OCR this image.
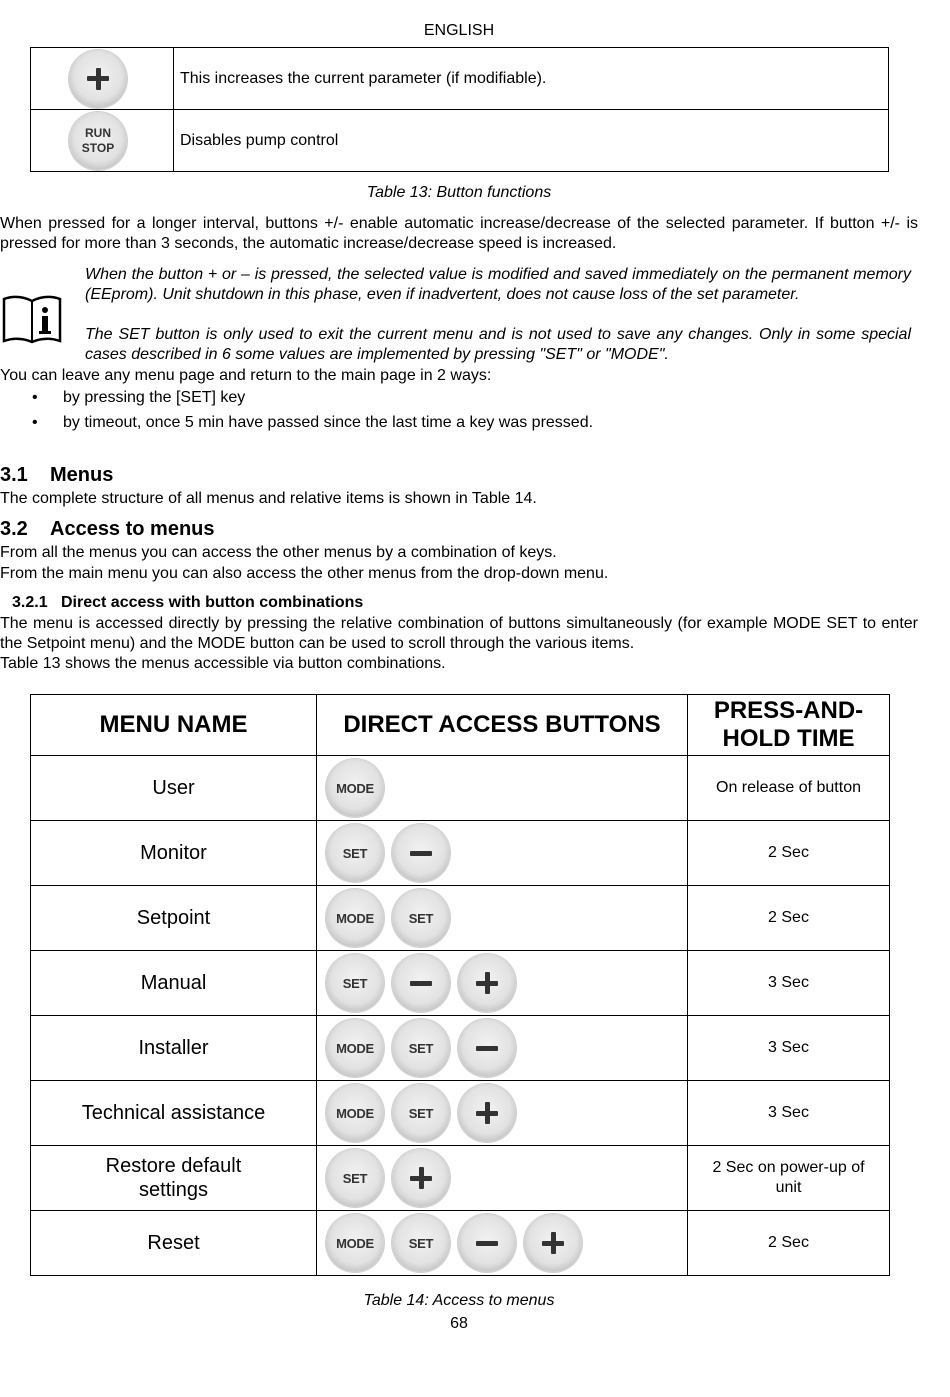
ENGLISH
	This increases the current parameter (if modifiable).

RUN
STOP	Disables pump control
Table 13: Button functions
When pressed for a longer interval, buttons +/- enable automatic increase/decrease of the selected parameter. If button +/- is pressed for more than 3 seconds, the automatic increase/decrease speed is increased.
When the button + or – is pressed, the selected value is modified and saved immediately on the permanent memory (EEprom). Unit shutdown in this phase, even if inadvertent, does not cause loss of the set parameter.
The SET button is only used to exit the current menu and is not used to save any changes. Only in some special cases described in 6 some values are implemented by pressing "SET" or "MODE".
You can leave any menu page and return to the main page in 2 ways:
• by pressing the [SET] key
• by timeout, once 5 min have passed since the last time a key was pressed.
3.1 Menus
The complete structure of all menus and relative items is shown in Table 14.
3.2 Access to menus
From all the menus you can access the other menus by a combination of keys.
From the main menu you can also access the other menus from the drop-down menu.
3.2.1 Direct access with button combinations
The menu is accessed directly by pressing the relative combination of buttons simultaneously (for example MODE SET to enter the Setpoint menu) and the MODE button can be used to scroll through the various items.
Table 13 shows the menus accessible via button combinations.
MENU NAME	DIRECT ACCESS BUTTONS	PRESS-AND-HOLD TIME
User	MODE	On release of button
Monitor	SET	2 Sec
Setpoint	MODE SET	2 Sec
Manual	SET	3 Sec
Installer	MODE SET	3 Sec
Technical assistance	MODE SET	3 Sec
Restore default settings	SET	2 Sec on power-up of unit
Reset	MODE SET	2 Sec
Table 14: Access to menus
68
